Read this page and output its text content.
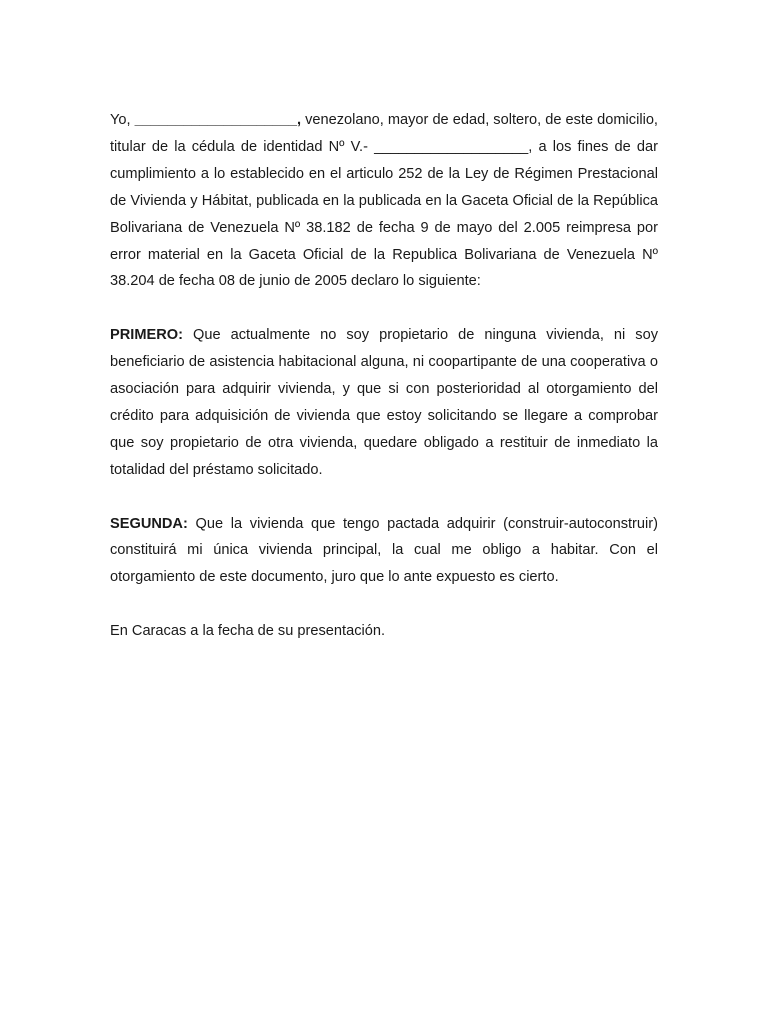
Yo, ____________________, venezolano, mayor de edad, soltero, de este domicilio, titular de la cédula de identidad Nº V.- ___________________, a los fines de dar cumplimiento a lo establecido en el articulo 252 de la Ley de Régimen Prestacional de Vivienda y Hábitat, publicada en la publicada en la Gaceta Oficial de la República Bolivariana de Venezuela Nº 38.182 de fecha 9 de mayo del 2.005 reimpresa por error material en la Gaceta Oficial de la Republica Bolivariana de Venezuela Nº 38.204 de fecha 08 de junio de 2005 declaro lo siguiente:

PRIMERO: Que actualmente no soy propietario de ninguna vivienda, ni soy beneficiario de asistencia habitacional alguna, ni coopartipante de una cooperativa o asociación para adquirir vivienda, y que si con posterioridad al otorgamiento del crédito para adquisición de vivienda que estoy solicitando se llegare a comprobar que soy propietario de otra vivienda, quedare obligado a restituir de inmediato la totalidad del préstamo solicitado.

SEGUNDA: Que la vivienda que tengo pactada adquirir (construir-autoconstruir) constituirá mi única vivienda principal, la cual me obligo a habitar. Con el otorgamiento de este documento, juro que lo ante expuesto es cierto.

En Caracas a la fecha de su presentación.
